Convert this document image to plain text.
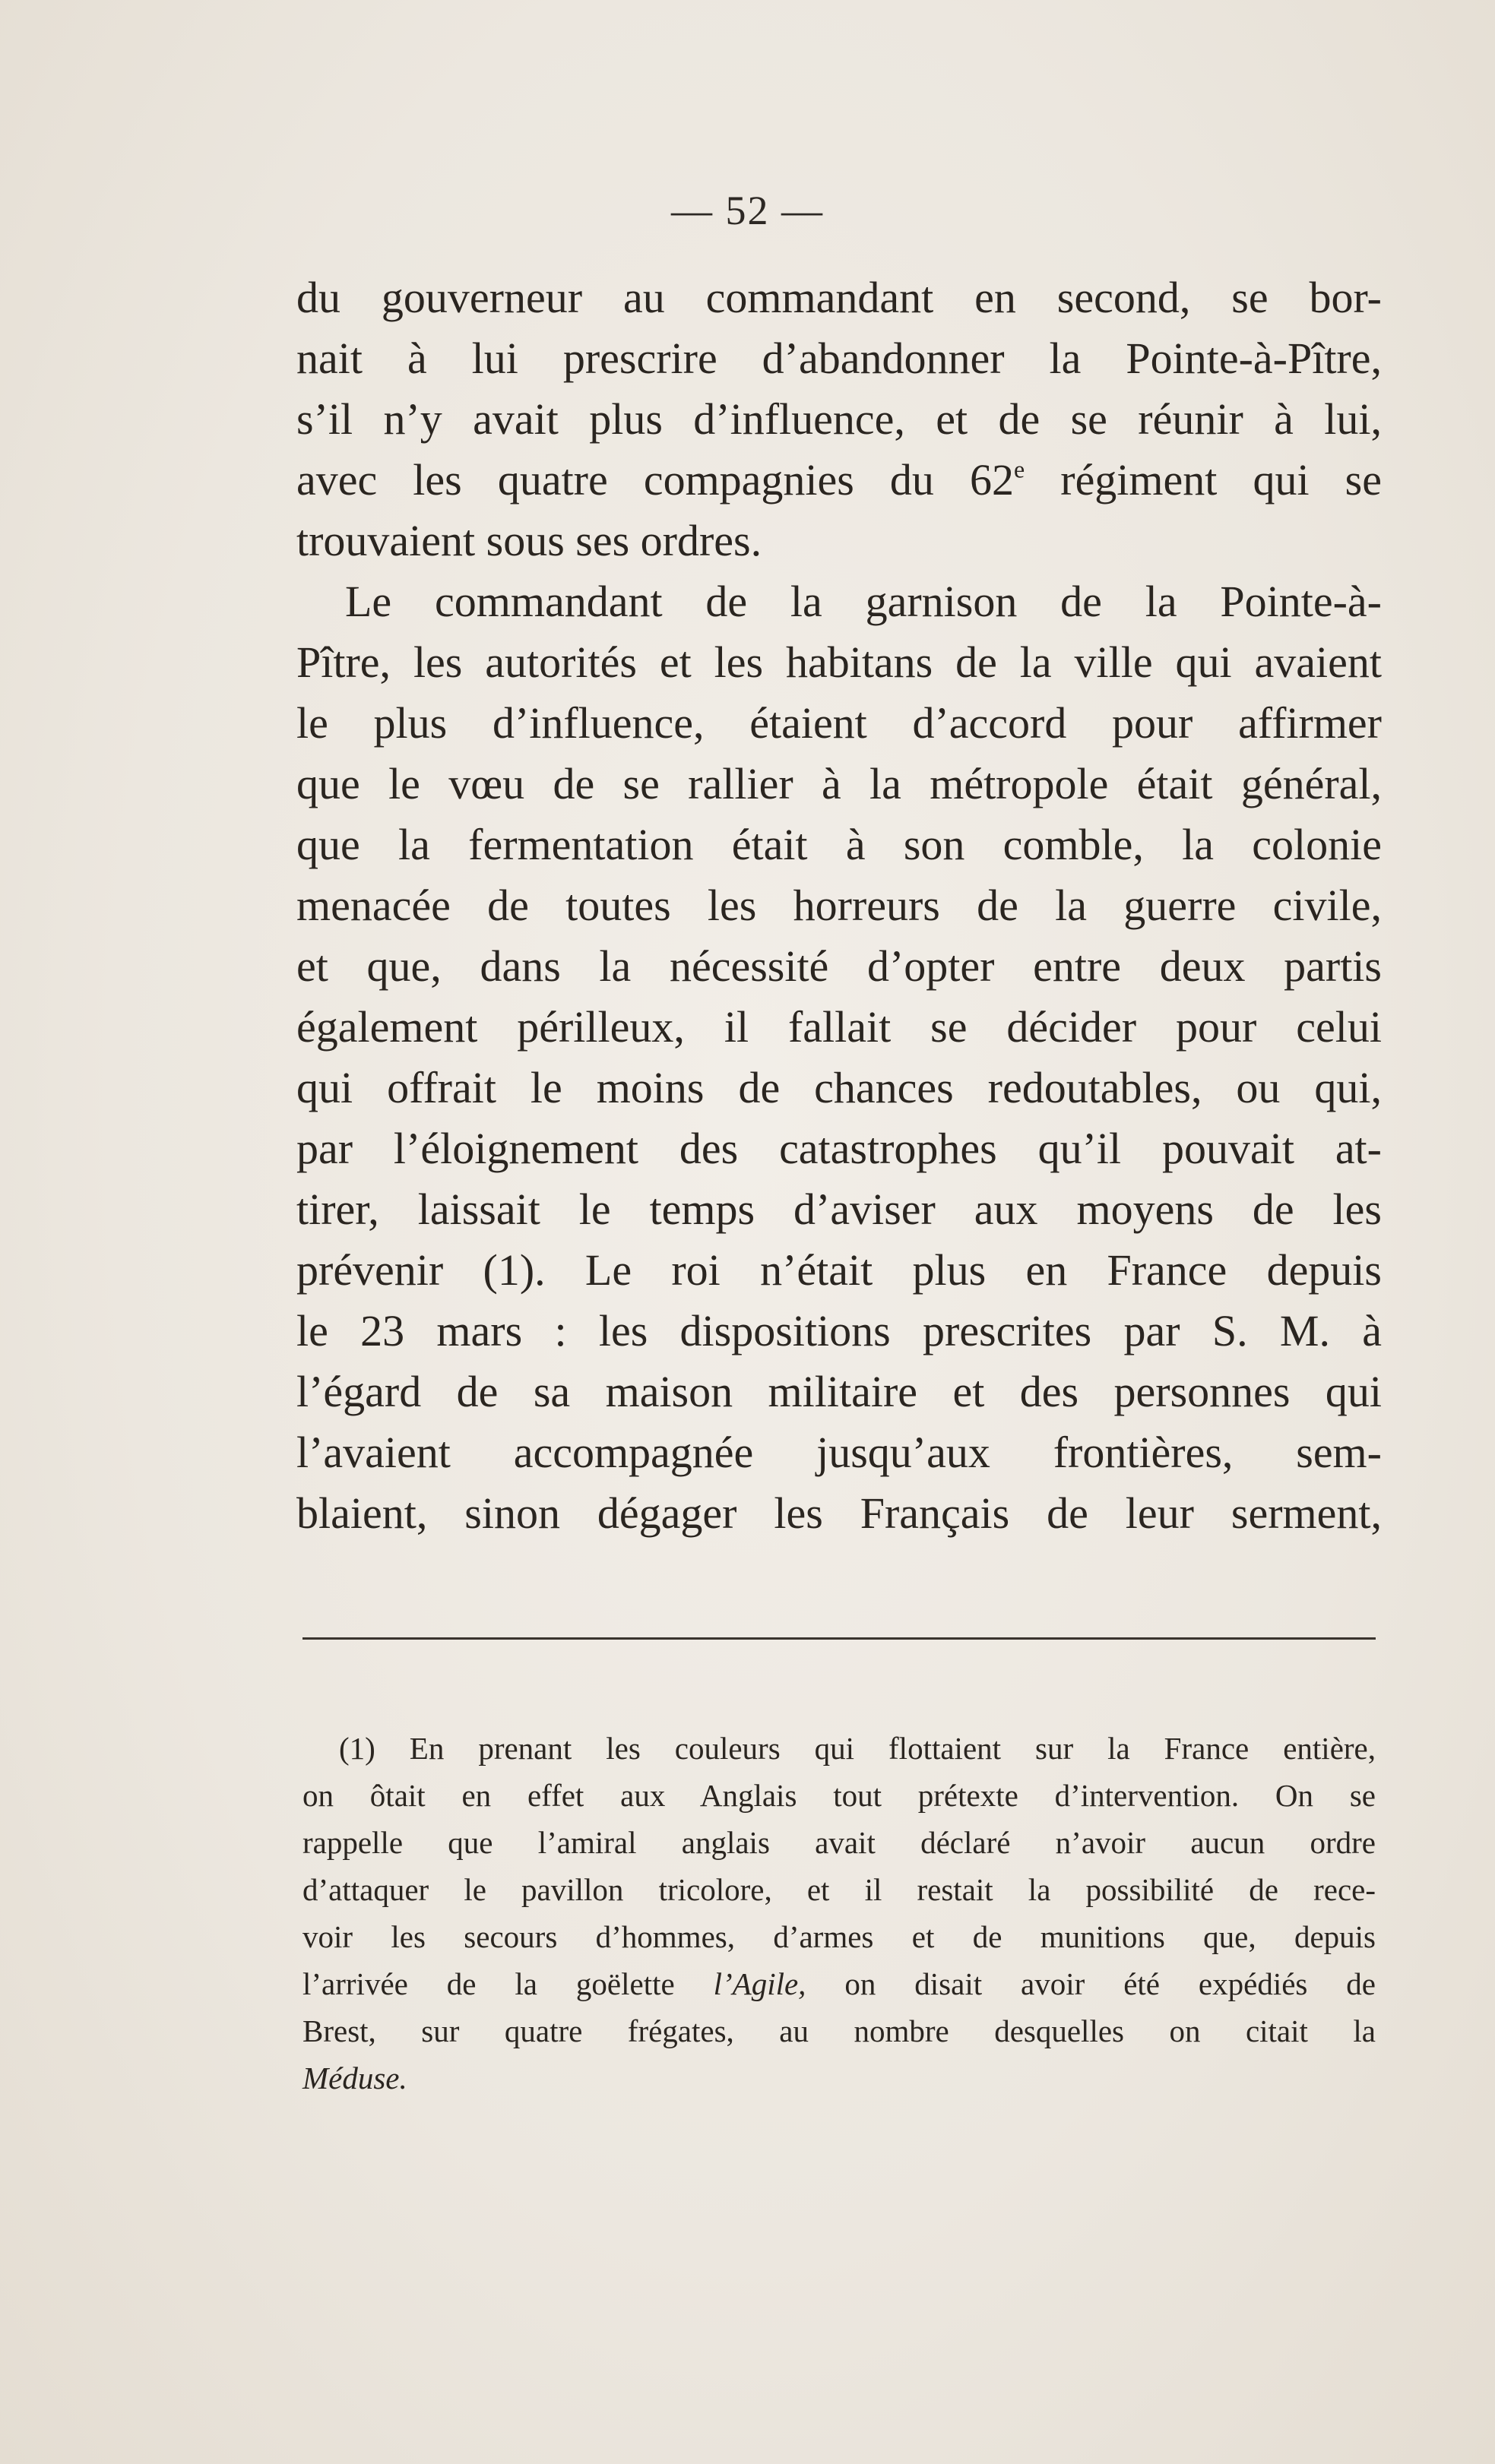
— 52 —
du gouverneur au commandant en second, se bor-
nait à lui prescrire d’abandonner la Pointe-à-Pître,
s’il n’y avait plus d’influence, et de se réunir à lui,
avec les quatre compagnies du 62e régiment qui se
trouvaient sous ses ordres.
Le commandant de la garnison de la Pointe-à-
Pître, les autorités et les habitans de la ville qui avaient
le plus d’influence, étaient d’accord pour affirmer
que le vœu de se rallier à la métropole était général,
que la fermentation était à son comble, la colonie
menacée de toutes les horreurs de la guerre civile,
et que, dans la nécessité d’opter entre deux partis
également périlleux, il fallait se décider pour celui
qui offrait le moins de chances redoutables, ou qui,
par l’éloignement des catastrophes qu’il pouvait at-
tirer, laissait le temps d’aviser aux moyens de les
prévenir (1). Le roi n’était plus en France depuis
le 23 mars : les dispositions prescrites par S. M. à
l’égard de sa maison militaire et des personnes qui
l’avaient accompagnée jusqu’aux frontières, sem-
blaient, sinon dégager les Français de leur serment,
(1) En prenant les couleurs qui flottaient sur la France entière,
on ôtait en effet aux Anglais tout prétexte d’intervention. On se
rappelle que l’amiral anglais avait déclaré n’avoir aucun ordre
d’attaquer le pavillon tricolore, et il restait la possibilité de rece-
voir les secours d’hommes, d’armes et de munitions que, depuis
l’arrivée de la goëlette l’Agile, on disait avoir été expédiés de
Brest, sur quatre frégates, au nombre desquelles on citait la
Méduse.
